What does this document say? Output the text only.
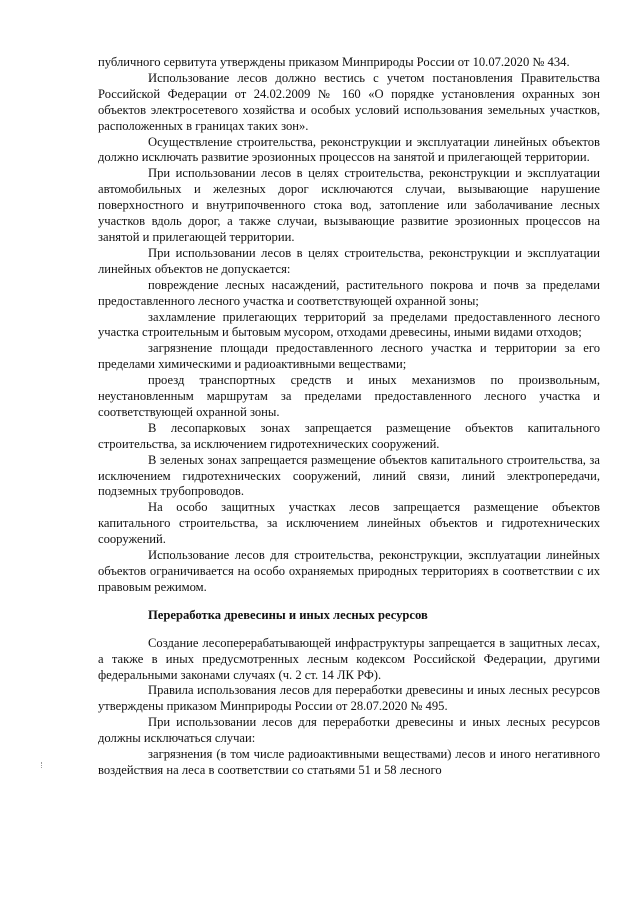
публичного сервитута утверждены приказом Минприроды России от 10.07.2020 № 434.

Использование лесов должно вестись с учетом постановления Правительства Российской Федерации от 24.02.2009 № 160 «О порядке установления охранных зон объектов электросетевого хозяйства и особых условий использования земельных участков, расположенных в границах таких зон».

Осуществление строительства, реконструкции и эксплуатации линейных объектов должно исключать развитие эрозионных процессов на занятой и прилегающей территории.

При использовании лесов в целях строительства, реконструкции и эксплуатации автомобильных и железных дорог исключаются случаи, вызывающие нарушение поверхностного и внутрипочвенного стока вод, затопление или заболачивание лесных участков вдоль дорог, а также случаи, вызывающие развитие эрозионных процессов на занятой и прилегающей территории.

При использовании лесов в целях строительства, реконструкции и эксплуатации линейных объектов не допускается:

повреждение лесных насаждений, растительного покрова и почв за пределами предоставленного лесного участка и соответствующей охранной зоны;

захламление прилегающих территорий за пределами предоставленного лесного участка строительным и бытовым мусором, отходами древесины, иными видами отходов;

загрязнение площади предоставленного лесного участка и территории за его пределами химическими и радиоактивными веществами;

проезд транспортных средств и иных механизмов по произвольным, неустановленным маршрутам за пределами предоставленного лесного участка и соответствующей охранной зоны.

В лесопарковых зонах запрещается размещение объектов капитального строительства, за исключением гидротехнических сооружений.

В зеленых зонах запрещается размещение объектов капитального строительства, за исключением гидротехнических сооружений, линий связи, линий электропередачи, подземных трубопроводов.

На особо защитных участках лесов запрещается размещение объектов капитального строительства, за исключением линейных объектов и гидротехнических сооружений.

Использование лесов для строительства, реконструкции, эксплуатации линейных объектов ограничивается на особо охраняемых природных территориях в соответствии с их правовым режимом.

Переработка древесины и иных лесных ресурсов

Создание лесоперерабатывающей инфраструктуры запрещается в защитных лесах, а также в иных предусмотренных лесным кодексом Российской Федерации, другими федеральными законами случаях (ч. 2 ст. 14 ЛК РФ).

Правила использования лесов для переработки древесины и иных лесных ресурсов утверждены приказом Минприроды России от 28.07.2020 № 495.

При использовании лесов для переработки древесины и иных лесных ресурсов должны исключаться случаи:

загрязнения (в том числе радиоактивными веществами) лесов и иного негативного воздействия на леса в соответствии со статьями 51 и 58 лесного
